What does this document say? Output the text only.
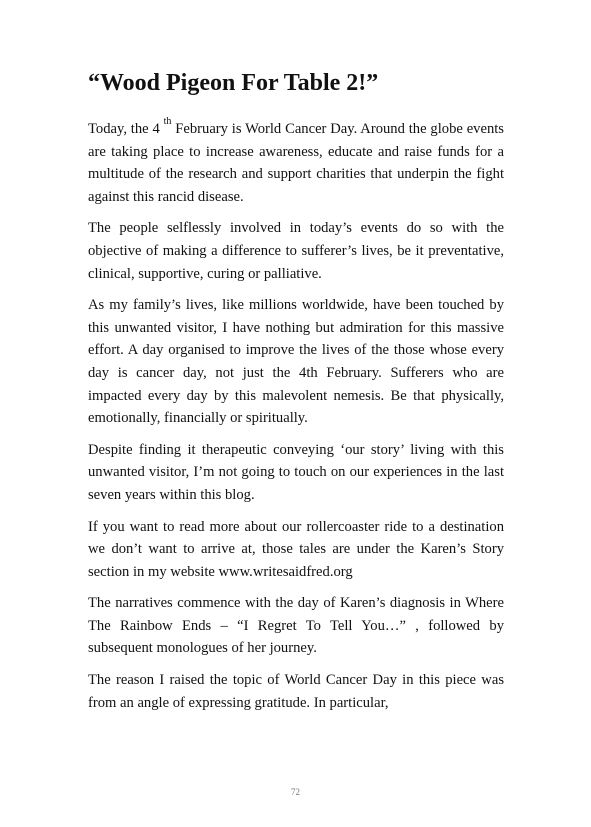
“Wood Pigeon For Table 2!”

Today, the 4 $^{th}$ February is World Cancer Day. Around the globe events are taking place to increase awareness, educate and raise funds for a multitude of the research and support charities that underpin the fight against this rancid disease.

The people selflessly involved in today’s events do so with the objective of making a difference to sufferer’s lives, be it preventative, clinical, supportive, curing or palliative.

As my family’s lives, like millions worldwide, have been touched by this unwanted visitor, I have nothing but admiration for this massive effort. A day organised to improve the lives of the those whose every day is cancer day, not just the 4th February. Sufferers who are impacted every day by this malevolent nemesis. Be that physically, emotionally, financially or spiritually.

Despite finding it therapeutic conveying ‘our story’ living with this unwanted visitor, I’m not going to touch on our experiences in the last seven years within this blog.

If you want to read more about our rollercoaster ride to a destination we don’t want to arrive at, those tales are under the Karen’s Story section in my website www.writesaidfred.org

The narratives commence with the day of Karen’s diagnosis in Where The Rainbow Ends – “I Regret To Tell You…” , followed by subsequent monologues of her journey.

The reason I raised the topic of World Cancer Day in this piece was from an angle of expressing gratitude. In particular,

72
